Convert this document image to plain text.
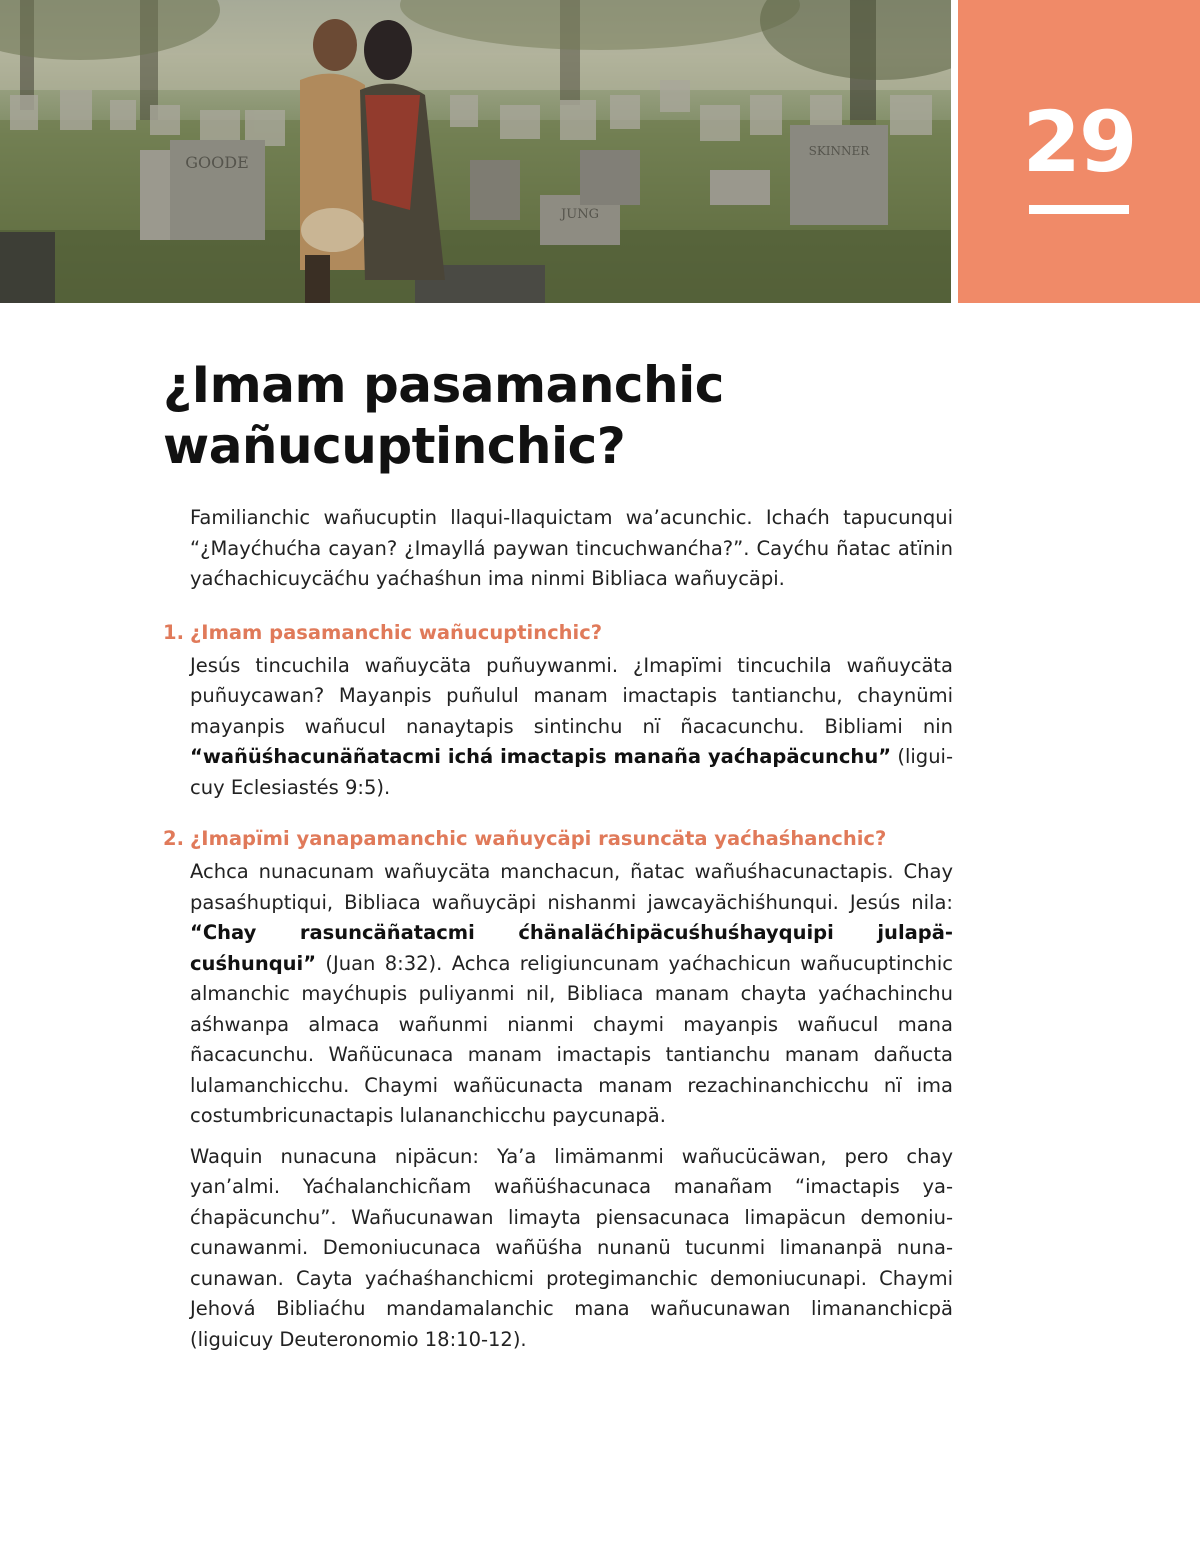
GOODE
JUNG
SKINNER	29
¿Imam pasamanchic wañucuptinchic?

Familianchic wañucuptin llaqui-llaquictam wa’acunchic. Ichaćh tapucunqui “¿Mayćhućha cayan? ¿Imayllá paywan tincuchwanćha?”. Cayćhu ñatac atïnin yaćhachicuycäćhu yaćhaśhun ima ninmi Bibliaca wañuycäpi.

1. ¿Imam pasamanchic wañucuptinchic?

Jesús tincuchila wañuycäta puñuywanmi. ¿Imapïmi tincuchila wañuycäta puñuycawan? Mayanpis puñulul manam imactapis tantianchu, chaynümi mayanpis wañucul nanaytapis sintinchu nï ñacacunchu. Bibliami nin “wañüśhacunäñatacmi ichá imactapis manaña yaćhapäcunchu” (liguicuy Eclesiastés 9:5).

2. ¿Imapïmi yanapamanchic wañuycäpi rasuncäta yaćhaśhanchic?

Achca nunacunam wañuycäta manchacun, ñatac wañuśhacunactapis. Chay pasaśhuptiqui, Bibliaca wañuycäpi nishanmi jawcayächiśhunqui. Jesús nila: “Chay rasuncäñatacmi ćhänaläćhipäcuśhuśhayquipi julapäcuśhunqui” (Juan 8:32). Achca religiuncunam yaćhachicun wañucuptinchic almanchic mayćhupis puliyanmi nil, Bibliaca manam chayta yaćhachinchu aśhwanpa almaca wañunmi nianmi chaymi mayanpis wañucul mana ñacacunchu. Wañücunaca manam imactapis tantianchu manam dañucta lulamanchicchu. Chaymi wañücunacta manam rezachinanchicchu nï ima costumbricunactapis lulananchicchu paycunapä.

Waquin nunacuna nipäcun: Ya’a limämanmi wañucücäwan, pero chay yan’almi. Yaćhalanchicñam wañüśhacunaca manañam “imactapis yaćhapäcunchu”. Wañucunawan limayta piensacunaca limapäcun demoniucunawanmi. Demoniucunaca wañüśha nunanü tucunmi limananpä nunacunawan. Cayta yaćhaśhanchicmi protegimanchic demoniucunapi. Chaymi Jehová Bibliaćhu mandamalanchic mana wañucunawan limananchicpä (liguicuy Deuteronomio 18:10-12).
